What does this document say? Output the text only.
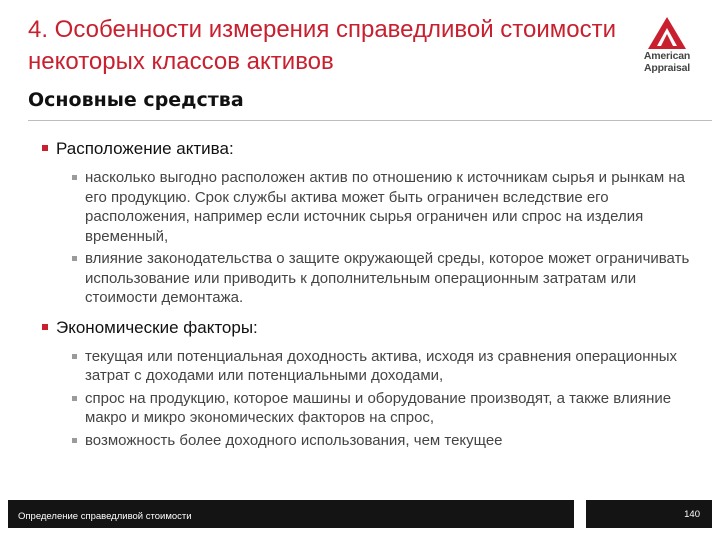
4. Особенности измерения справедливой стоимости некоторых классов активов
Основные средства
American
Appraisal

Расположение актива:

насколько выгодно расположен актив по отношению к источникам сырья и рынкам на его продукцию. Срок службы актива может быть ограничен вследствие его расположения, например если источник сырья ограничен или спрос на изделия временный,

влияние законодательства о защите окружающей среды, которое может ограничивать использование или приводить к дополнительным операционным затратам или стоимости демонтажа.

Экономические факторы:

текущая или потенциальная доходность актива, исходя из сравнения операционных затрат с доходами или потенциальными доходами,

спрос на продукцию, которое машины и оборудование производят, а также влияние макро и микро экономических факторов на спрос,

возможность более доходного использования, чем текущее

Определение справедливой стоимости	140
